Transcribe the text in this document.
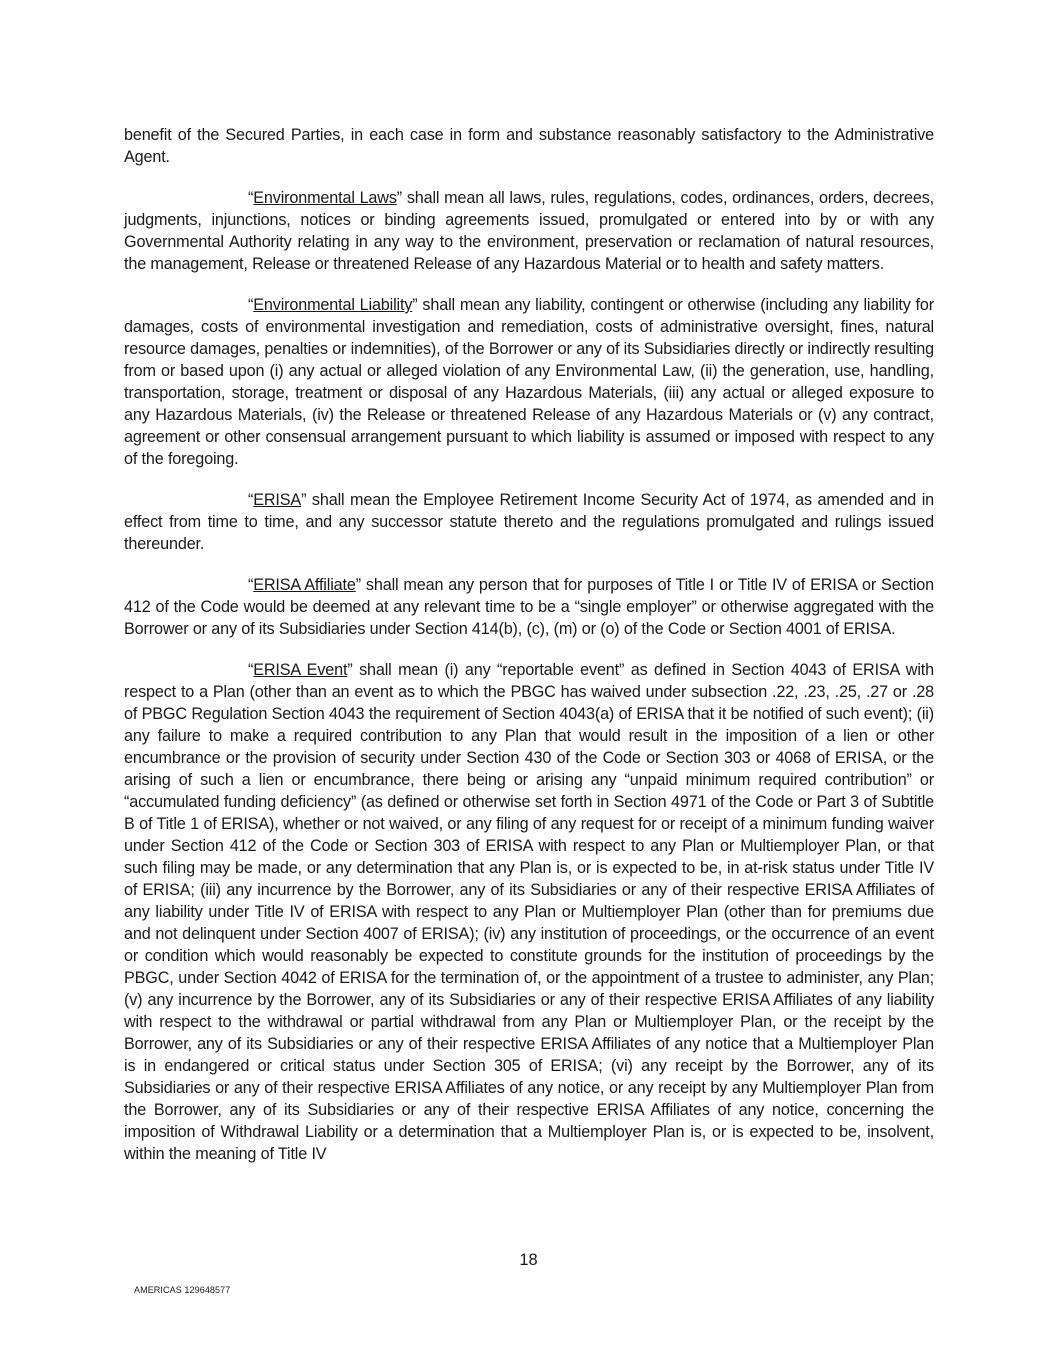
benefit of the Secured Parties, in each case in form and substance reasonably satisfactory to the Administrative Agent.

“Environmental Laws” shall mean all laws, rules, regulations, codes, ordinances, orders, decrees, judgments, injunctions, notices or binding agreements issued, promulgated or entered into by or with any Governmental Authority relating in any way to the environment, preservation or reclamation of natural resources, the management, Release or threatened Release of any Hazardous Material or to health and safety matters.

“Environmental Liability” shall mean any liability, contingent or otherwise (including any liability for damages, costs of environmental investigation and remediation, costs of administrative oversight, fines, natural resource damages, penalties or indemnities), of the Borrower or any of its Subsidiaries directly or indirectly resulting from or based upon (i) any actual or alleged violation of any Environmental Law, (ii) the generation, use, handling, transportation, storage, treatment or disposal of any Hazardous Materials, (iii) any actual or alleged exposure to any Hazardous Materials, (iv) the Release or threatened Release of any Hazardous Materials or (v) any contract, agreement or other consensual arrangement pursuant to which liability is assumed or imposed with respect to any of the foregoing.

“ERISA” shall mean the Employee Retirement Income Security Act of 1974, as amended and in effect from time to time, and any successor statute thereto and the regulations promulgated and rulings issued thereunder.

“ERISA Affiliate” shall mean any person that for purposes of Title I or Title IV of ERISA or Section 412 of the Code would be deemed at any relevant time to be a “single employer” or otherwise aggregated with the Borrower or any of its Subsidiaries under Section 414(b), (c), (m) or (o) of the Code or Section 4001 of ERISA.

“ERISA Event” shall mean (i) any “reportable event” as defined in Section 4043 of ERISA with respect to a Plan (other than an event as to which the PBGC has waived under subsection .22, .23, .25, .27 or .28 of PBGC Regulation Section 4043 the requirement of Section 4043(a) of ERISA that it be notified of such event); (ii) any failure to make a required contribution to any Plan that would result in the imposition of a lien or other encumbrance or the provision of security under Section 430 of the Code or Section 303 or 4068 of ERISA, or the arising of such a lien or encumbrance, there being or arising any “unpaid minimum required contribution” or “accumulated funding deficiency” (as defined or otherwise set forth in Section 4971 of the Code or Part 3 of Subtitle B of Title 1 of ERISA), whether or not waived, or any filing of any request for or receipt of a minimum funding waiver under Section 412 of the Code or Section 303 of ERISA with respect to any Plan or Multiemployer Plan, or that such filing may be made, or any determination that any Plan is, or is expected to be, in at-risk status under Title IV of ERISA; (iii) any incurrence by the Borrower, any of its Subsidiaries or any of their respective ERISA Affiliates of any liability under Title IV of ERISA with respect to any Plan or Multiemployer Plan (other than for premiums due and not delinquent under Section 4007 of ERISA); (iv) any institution of proceedings, or the occurrence of an event or condition which would reasonably be expected to constitute grounds for the institution of proceedings by the PBGC, under Section 4042 of ERISA for the termination of, or the appointment of a trustee to administer, any Plan; (v) any incurrence by the Borrower, any of its Subsidiaries or any of their respective ERISA Affiliates of any liability with respect to the withdrawal or partial withdrawal from any Plan or Multiemployer Plan, or the receipt by the Borrower, any of its Subsidiaries or any of their respective ERISA Affiliates of any notice that a Multiemployer Plan is in endangered or critical status under Section 305 of ERISA; (vi) any receipt by the Borrower, any of its Subsidiaries or any of their respective ERISA Affiliates of any notice, or any receipt by any Multiemployer Plan from the Borrower, any of its Subsidiaries or any of their respective ERISA Affiliates of any notice, concerning the imposition of Withdrawal Liability or a determination that a Multiemployer Plan is, or is expected to be, insolvent, within the meaning of Title IV

18
AMERICAS 129648577
